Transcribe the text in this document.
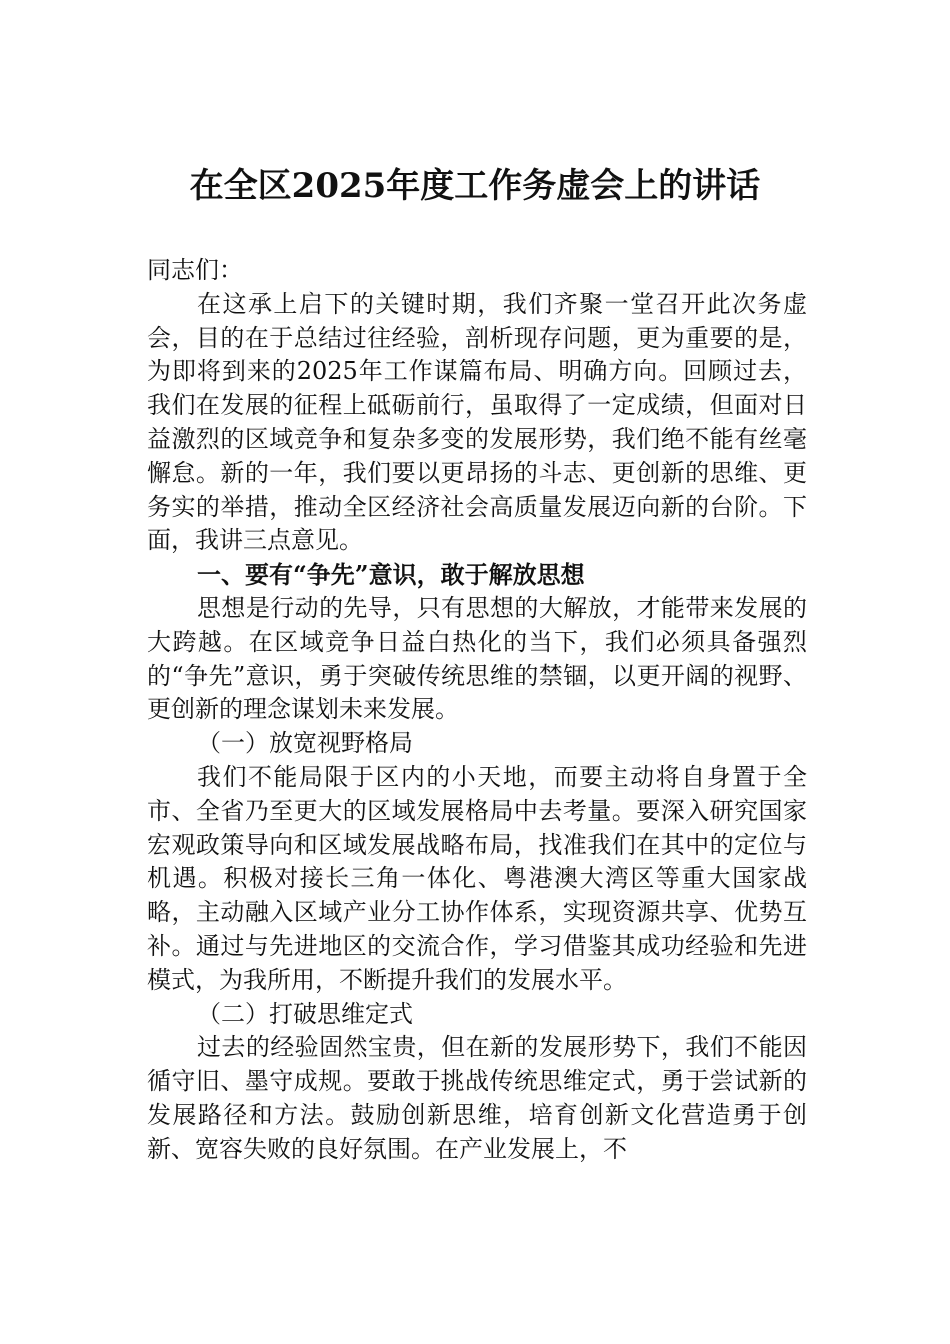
在全区2025年度工作务虚会上的讲话

同志们：

在这承上启下的关键时期，我们齐聚一堂召开此次务虚会，目的在于总结过往经验，剖析现存问题，更为重要的是，为即将到来的2025年工作谋篇布局、明确方向。回顾过去，我们在发展的征程上砥砺前行，虽取得了一定成绩，但面对日益激烈的区域竞争和复杂多变的发展形势，我们绝不能有丝毫懈怠。新的一年，我们要以更昂扬的斗志、更创新的思维、更务实的举措，推动全区经济社会高质量发展迈向新的台阶。下面，我讲三点意见。

一、要有“争先”意识，敢于解放思想

思想是行动的先导，只有思想的大解放，才能带来发展的大跨越。在区域竞争日益白热化的当下，我们必须具备强烈的“争先”意识，勇于突破传统思维的禁锢，以更开阔的视野、更创新的理念谋划未来发展。

（一）放宽视野格局

我们不能局限于区内的小天地，而要主动将自身置于全市、全省乃至更大的区域发展格局中去考量。要深入研究国家宏观政策导向和区域发展战略布局，找准我们在其中的定位与机遇。积极对接长三角一体化、粤港澳大湾区等重大国家战略，主动融入区域产业分工协作体系，实现资源共享、优势互补。通过与先进地区的交流合作，学习借鉴其成功经验和先进模式，为我所用，不断提升我们的发展水平。

（二）打破思维定式

过去的经验固然宝贵，但在新的发展形势下，我们不能因循守旧、墨守成规。要敢于挑战传统思维定式，勇于尝试新的发展路径和方法。鼓励创新思维，培育创新文化营造勇于创新、宽容失败的良好氛围。在产业发展上，不
